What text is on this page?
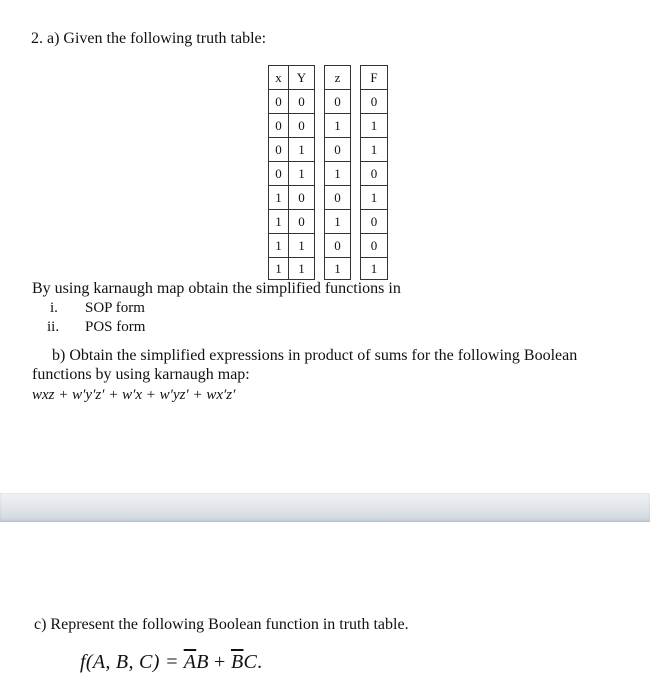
2. a) Given the following truth table:
x	Y		z		F
0	0		0		0
0	0		1		1
0	1		0		1
0	1		1		0
1	0		0		1
1	0		1		0
1	1		0		0
1	1		1		1
By using karnaugh map obtain the simplified functions in
i. SOP form
ii. POS form
b) Obtain the simplified expressions in product of sums for the following Boolean
functions by using karnaugh map:
wxz + w′y′z′ + w′x + w′yz′ + wx′z′
c) Represent the following Boolean function in truth table.
f(A, B, $C) = \overline{A}B + \overline{B}C$.
